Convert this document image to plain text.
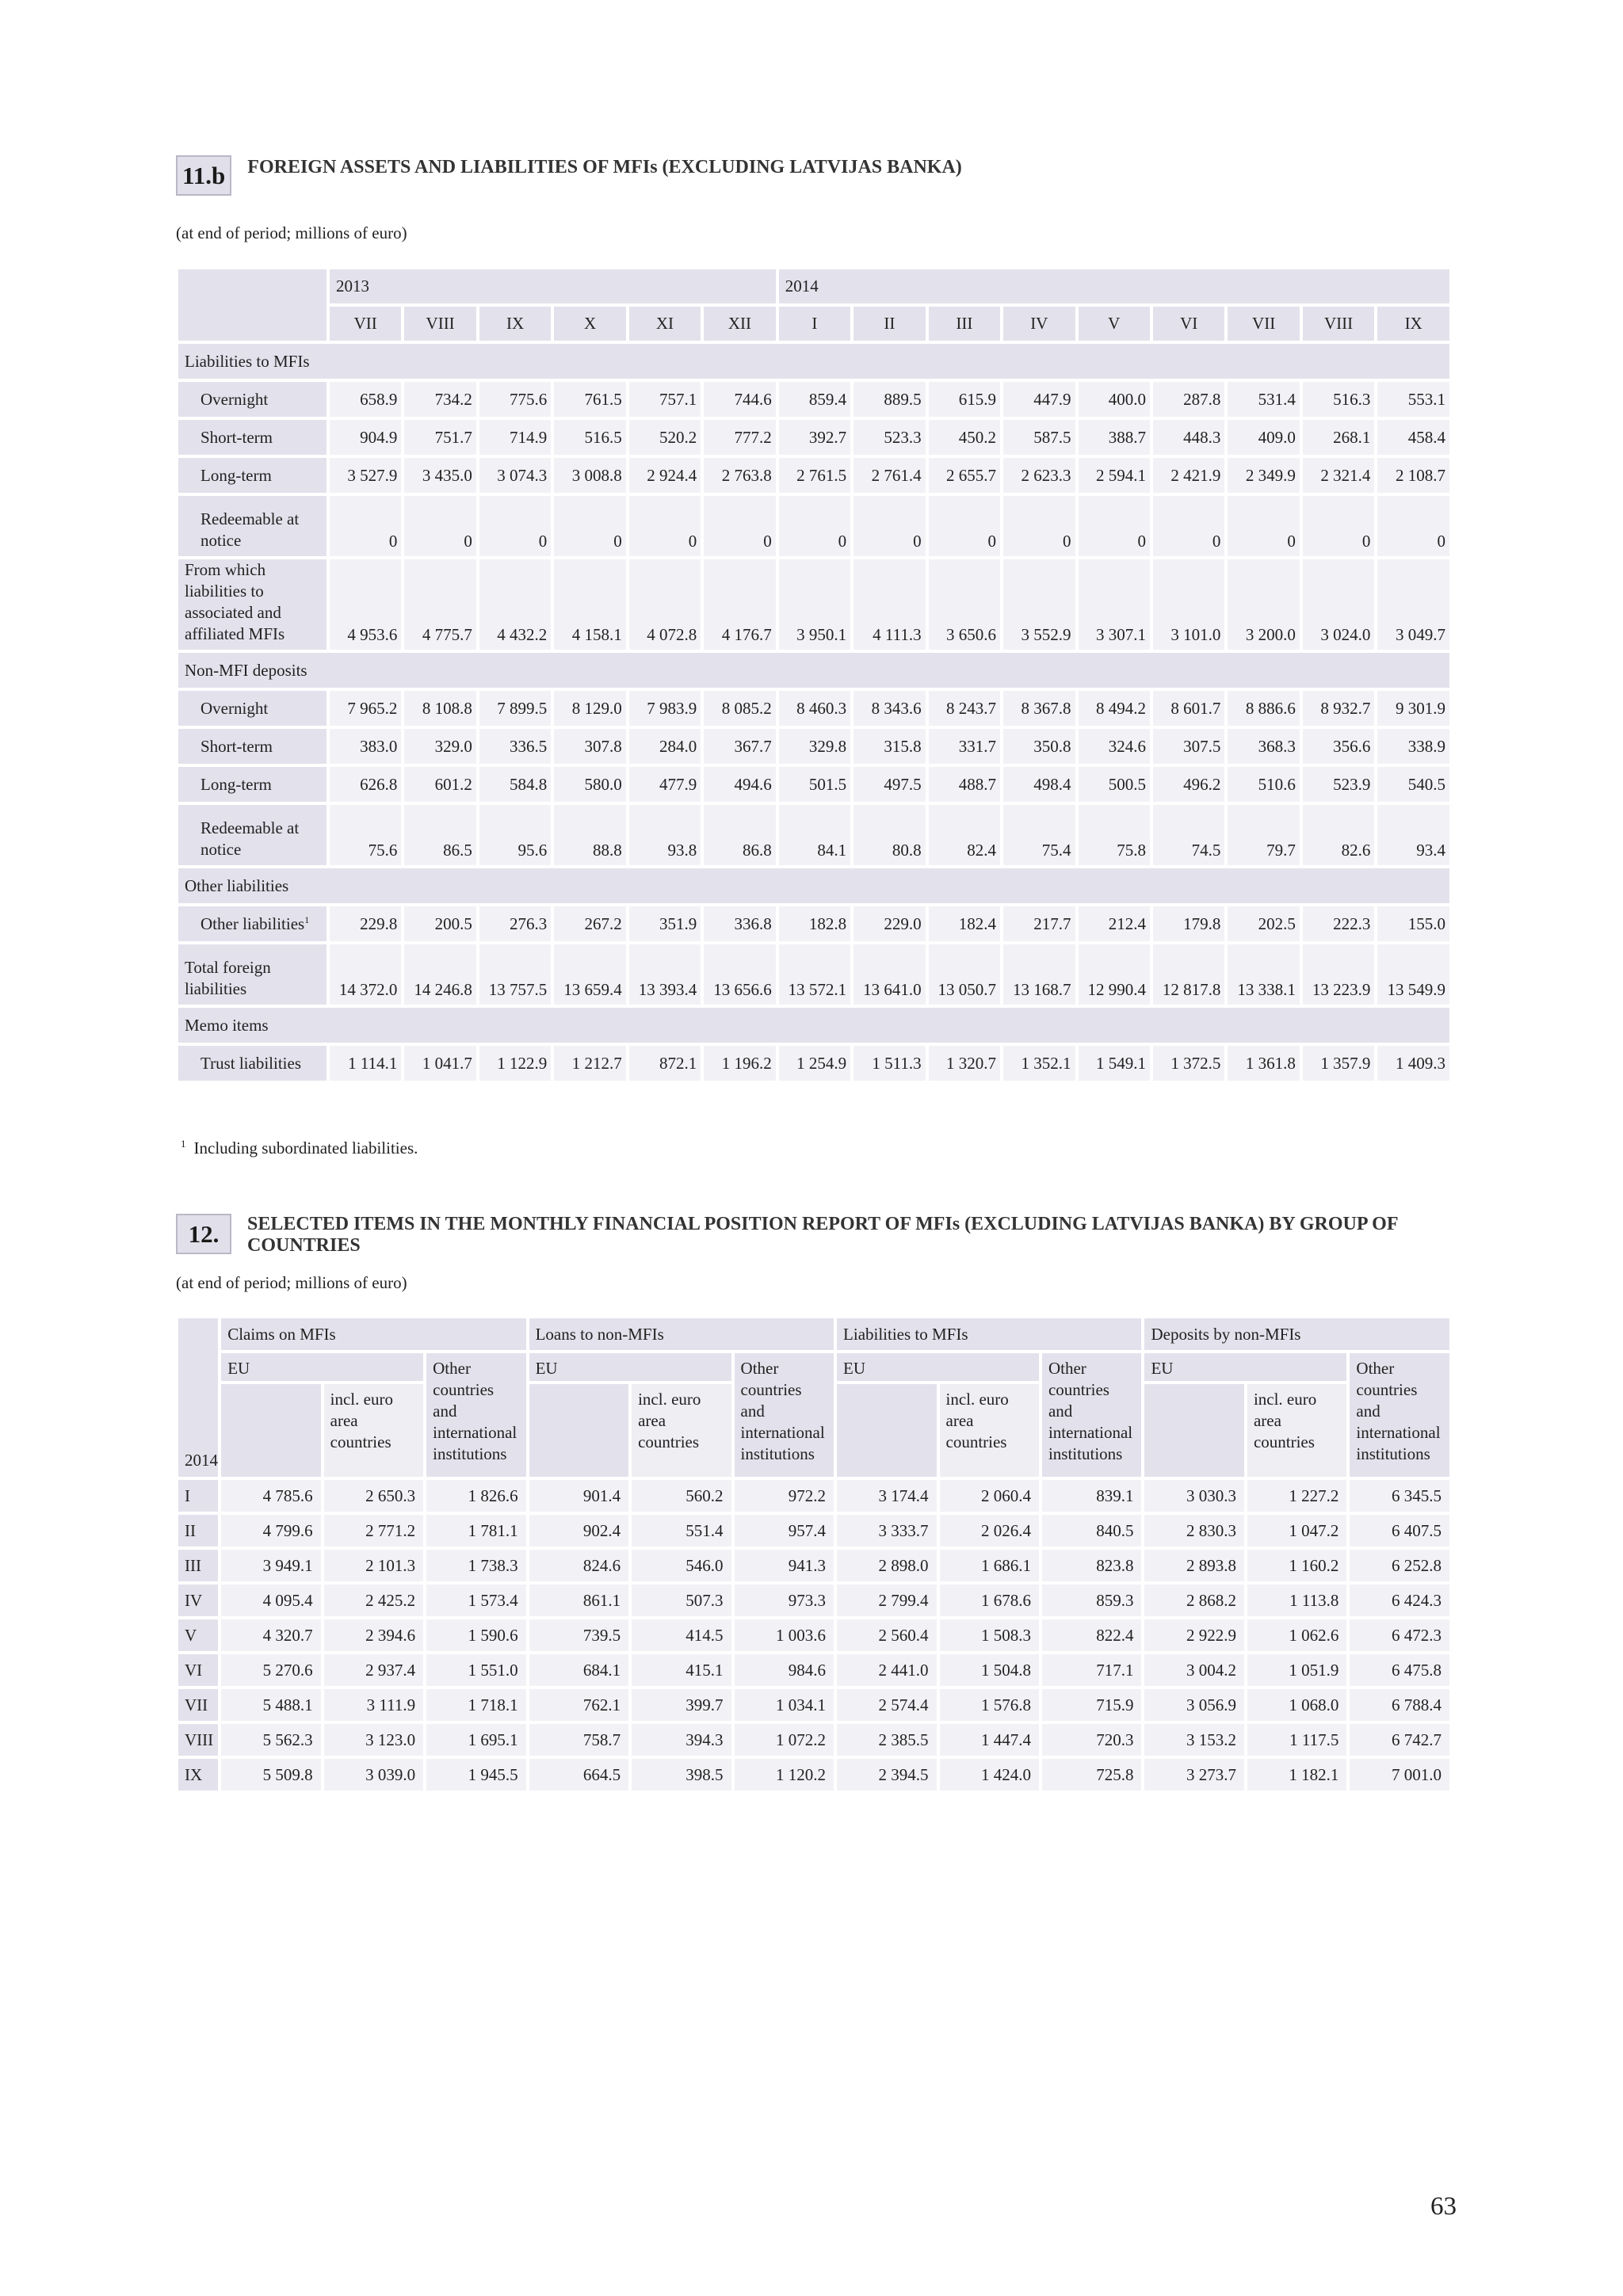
11.b	FOREIGN ASSETS AND LIABILITIES OF MFIs (EXCLUDING LATVIJAS BANKA)
(at end of period; millions of euro)
	2013						2014								
	VII	VIII	IX	X	XI	XII	I	II	III	IV	V	VI	VII	VIII	IX
Liabilities to MFIs															
Overnight	658.9	734.2	775.6	761.5	757.1	744.6	859.4	889.5	615.9	447.9	400.0	287.8	531.4	516.3	553.1
Short-term	904.9	751.7	714.9	516.5	520.2	777.2	392.7	523.3	450.2	587.5	388.7	448.3	409.0	268.1	458.4
Long-term	3 527.9	3 435.0	3 074.3	3 008.8	2 924.4	2 763.8	2 761.5	2 761.4	2 655.7	2 623.3	2 594.1	2 421.9	2 349.9	2 321.4	2 108.7

Redeemable at
notice	0	0	0	0	0	0	0	0	0	0	0	0	0	0	0

From which
liabilities to
associated and
affiliated MFIs	4 953.6	4 775.7	4 432.2	4 158.1	4 072.8	4 176.7	3 950.1	4 111.3	3 650.6	3 552.9	3 307.1	3 101.0	3 200.0	3 024.0	3 049.7
Non-MFI deposits															
Overnight	7 965.2	8 108.8	7 899.5	8 129.0	7 983.9	8 085.2	8 460.3	8 343.6	8 243.7	8 367.8	8 494.2	8 601.7	8 886.6	8 932.7	9 301.9
Short-term	383.0	329.0	336.5	307.8	284.0	367.7	329.8	315.8	331.7	350.8	324.6	307.5	368.3	356.6	338.9
Long-term	626.8	601.2	584.8	580.0	477.9	494.6	501.5	497.5	488.7	498.4	500.5	496.2	510.6	523.9	540.5

Redeemable at
notice	75.6	86.5	95.6	88.8	93.8	86.8	84.1	80.8	82.4	75.4	75.8	74.5	79.7	82.6	93.4
Other liabilities															
Other liabilities$^1$	229.8	200.5	276.3	267.2	351.9	336.8	182.8	229.0	182.4	217.7	212.4	179.8	202.5	222.3	155.0

Total foreign
liabilities	14 372.0	14 246.8	13 757.5	13 659.4	13 393.4	13 656.6	13 572.1	13 641.0	13 050.7	13 168.7	12 990.4	12 817.8	13 338.1	13 223.9	13 549.9
Memo items															
Trust liabilities	1 114.1	1 041.7	1 122.9	1 212.7	872.1	1 196.2	1 254.9	1 511.3	1 320.7	1 352.1	1 549.1	1 372.5	1 361.8	1 357.9	1 409.3
$^1$ Including subordinated liabilities.
12.	SELECTED ITEMS IN THE MONTHLY FINANCIAL POSITION REPORT OF MFIs (EXCLUDING LATVIJAS BANKA) BY GROUP OF COUNTRIES
(at end of period; millions of euro)
2014	Claims on MFIs			Loans to non-MFIs			Liabilities to MFIs			Deposits by non-MFIs		
	EU		Other countries and international institutions	EU		Other countries and international institutions	EU		Other countries and international institutions	EU		Other countries and international institutions
		incl. euro area countries			incl. euro area countries			incl. euro area countries			incl. euro area countries	
I	4 785.6	2 650.3	1 826.6	901.4	560.2	972.2	3 174.4	2 060.4	839.1	3 030.3	1 227.2	6 345.5
II	4 799.6	2 771.2	1 781.1	902.4	551.4	957.4	3 333.7	2 026.4	840.5	2 830.3	1 047.2	6 407.5
III	3 949.1	2 101.3	1 738.3	824.6	546.0	941.3	2 898.0	1 686.1	823.8	2 893.8	1 160.2	6 252.8
IV	4 095.4	2 425.2	1 573.4	861.1	507.3	973.3	2 799.4	1 678.6	859.3	2 868.2	1 113.8	6 424.3
V	4 320.7	2 394.6	1 590.6	739.5	414.5	1 003.6	2 560.4	1 508.3	822.4	2 922.9	1 062.6	6 472.3
VI	5 270.6	2 937.4	1 551.0	684.1	415.1	984.6	2 441.0	1 504.8	717.1	3 004.2	1 051.9	6 475.8
VII	5 488.1	3 111.9	1 718.1	762.1	399.7	1 034.1	2 574.4	1 576.8	715.9	3 056.9	1 068.0	6 788.4
VIII	5 562.3	3 123.0	1 695.1	758.7	394.3	1 072.2	2 385.5	1 447.4	720.3	3 153.2	1 117.5	6 742.7
IX	5 509.8	3 039.0	1 945.5	664.5	398.5	1 120.2	2 394.5	1 424.0	725.8	3 273.7	1 182.1	7 001.0
63
